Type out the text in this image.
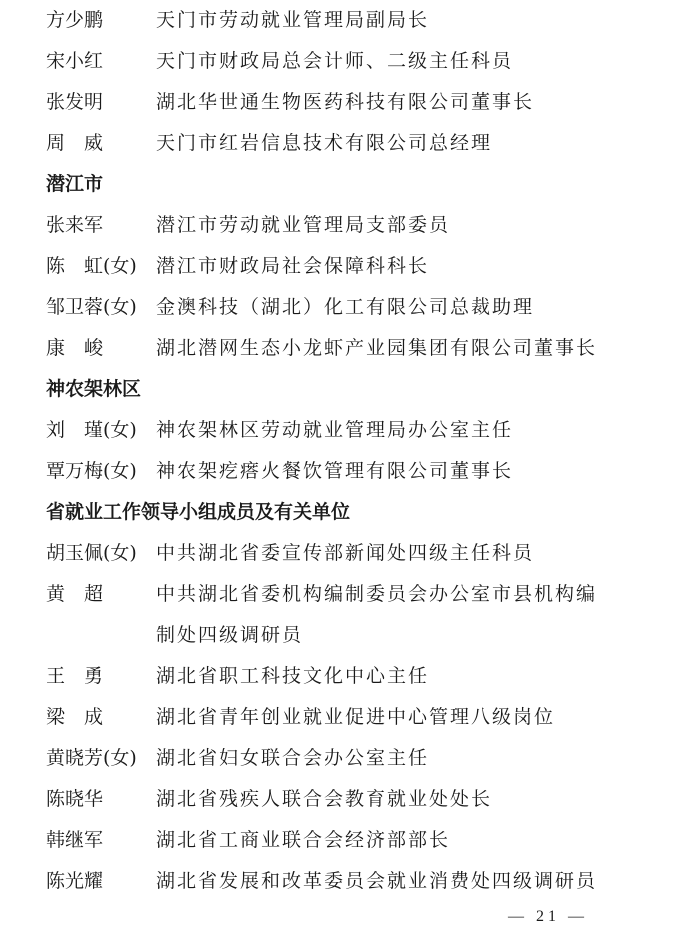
方少鹏	天门市劳动就业管理局副局长
宋小红	天门市财政局总会计师、二级主任科员
张发明	湖北华世通生物医药科技有限公司董事长
周　威	天门市红岩信息技术有限公司总经理
潜江市
张来军	潜江市劳动就业管理局支部委员
陈　虹(女) 潜江市财政局社会保障科科长
邹卫蓉(女) 金澳科技（湖北）化工有限公司总裁助理
康　峻	湖北潜网生态小龙虾产业园集团有限公司董事长
神农架林区
刘　瑾(女) 神农架林区劳动就业管理局办公室主任
覃万梅(女) 神农架疙瘩火餐饮管理有限公司董事长
省就业工作领导小组成员及有关单位
胡玉佩(女) 中共湖北省委宣传部新闻处四级主任科员
黄　超	中共湖北省委机构编制委员会办公室市县机构编
制处四级调研员
王　勇	湖北省职工科技文化中心主任
梁　成	湖北省青年创业就业促进中心管理八级岗位
黄晓芳(女) 湖北省妇女联合会办公室主任
陈晓华	湖北省残疾人联合会教育就业处处长
韩继军	湖北省工商业联合会经济部部长
陈光耀	湖北省发展和改革委员会就业消费处四级调研员
— 21 —
